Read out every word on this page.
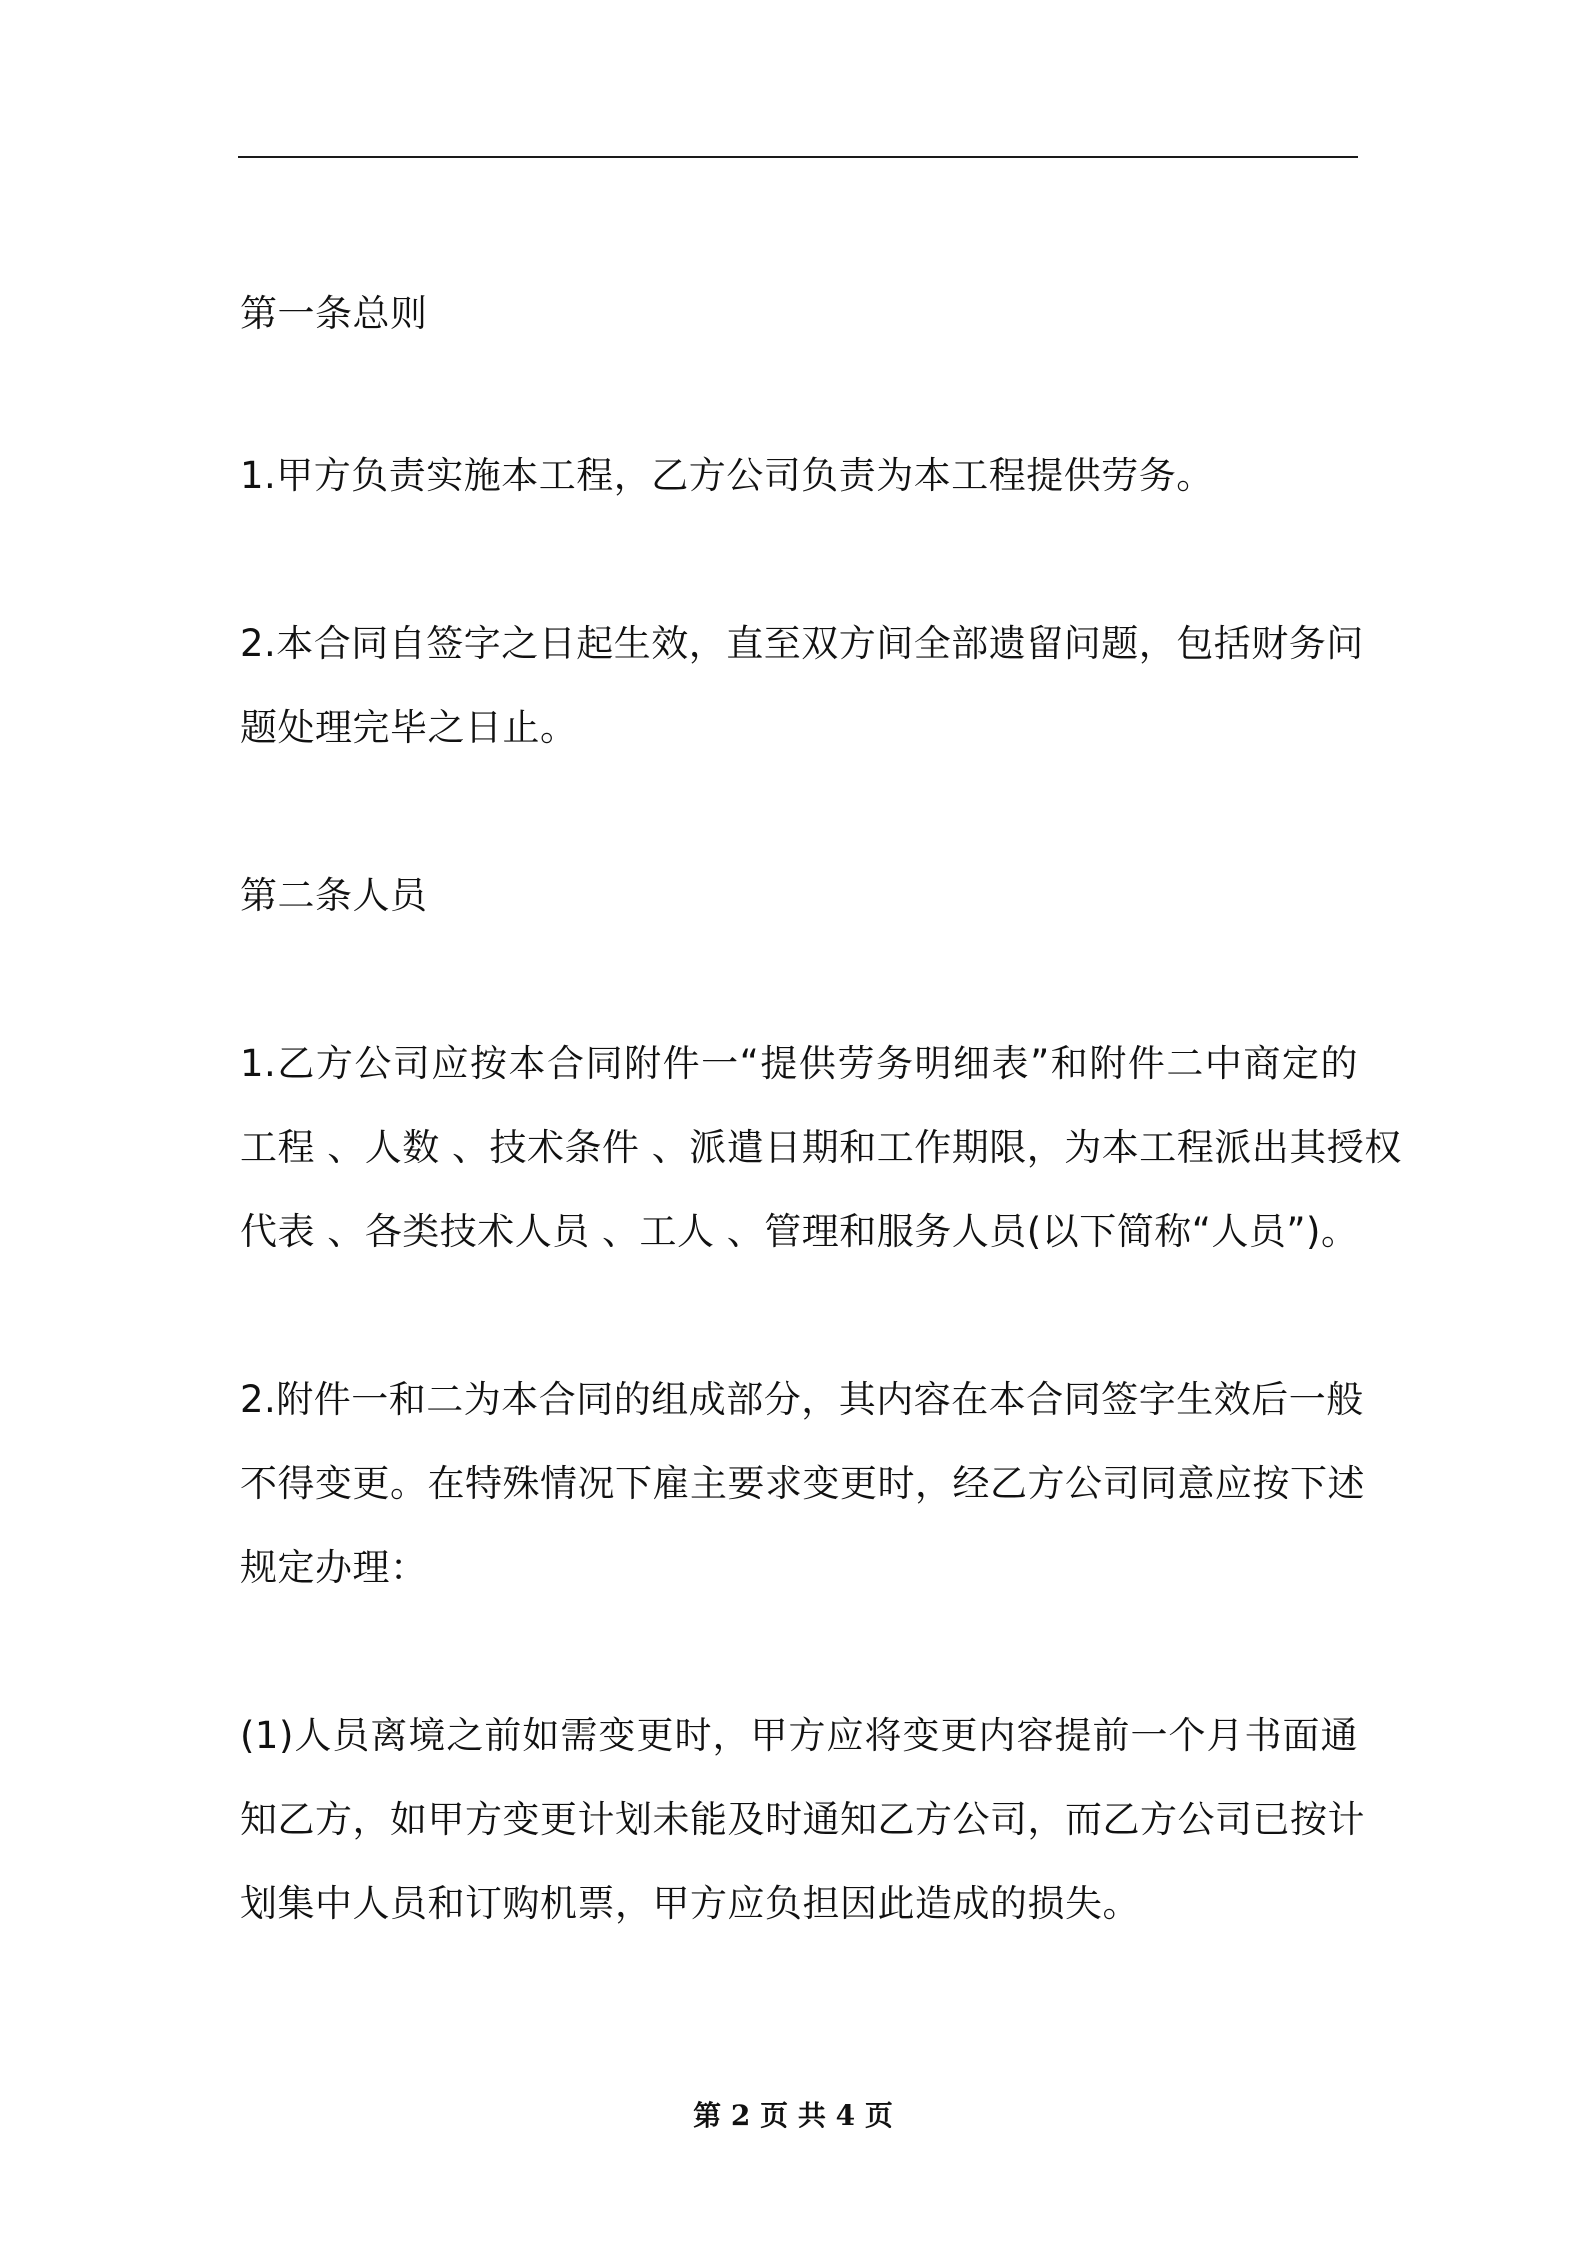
第一条总则
1.甲方负责实施本工程，乙方公司负责为本工程提供劳务。
2.本合同自签字之日起生效，直至双方间全部遗留问题，包括财务问
题处理完毕之日止。
第二条人员
1.乙方公司应按本合同附件一“提供劳务明细表”和附件二中商定的
工程 、人数 、技术条件 、派遣日期和工作期限，为本工程派出其授权
代表 、各类技术人员 、工人 、管理和服务人员(以下简称“人员”)。
2.附件一和二为本合同的组成部分，其内容在本合同签字生效后一般
不得变更。在特殊情况下雇主要求变更时，经乙方公司同意应按下述
规定办理：
(1)人员离境之前如需变更时，甲方应将变更内容提前一个月书面通
知乙方，如甲方变更计划未能及时通知乙方公司，而乙方公司已按计
划集中人员和订购机票，甲方应负担因此造成的损失。
第 2 页 共 4 页
